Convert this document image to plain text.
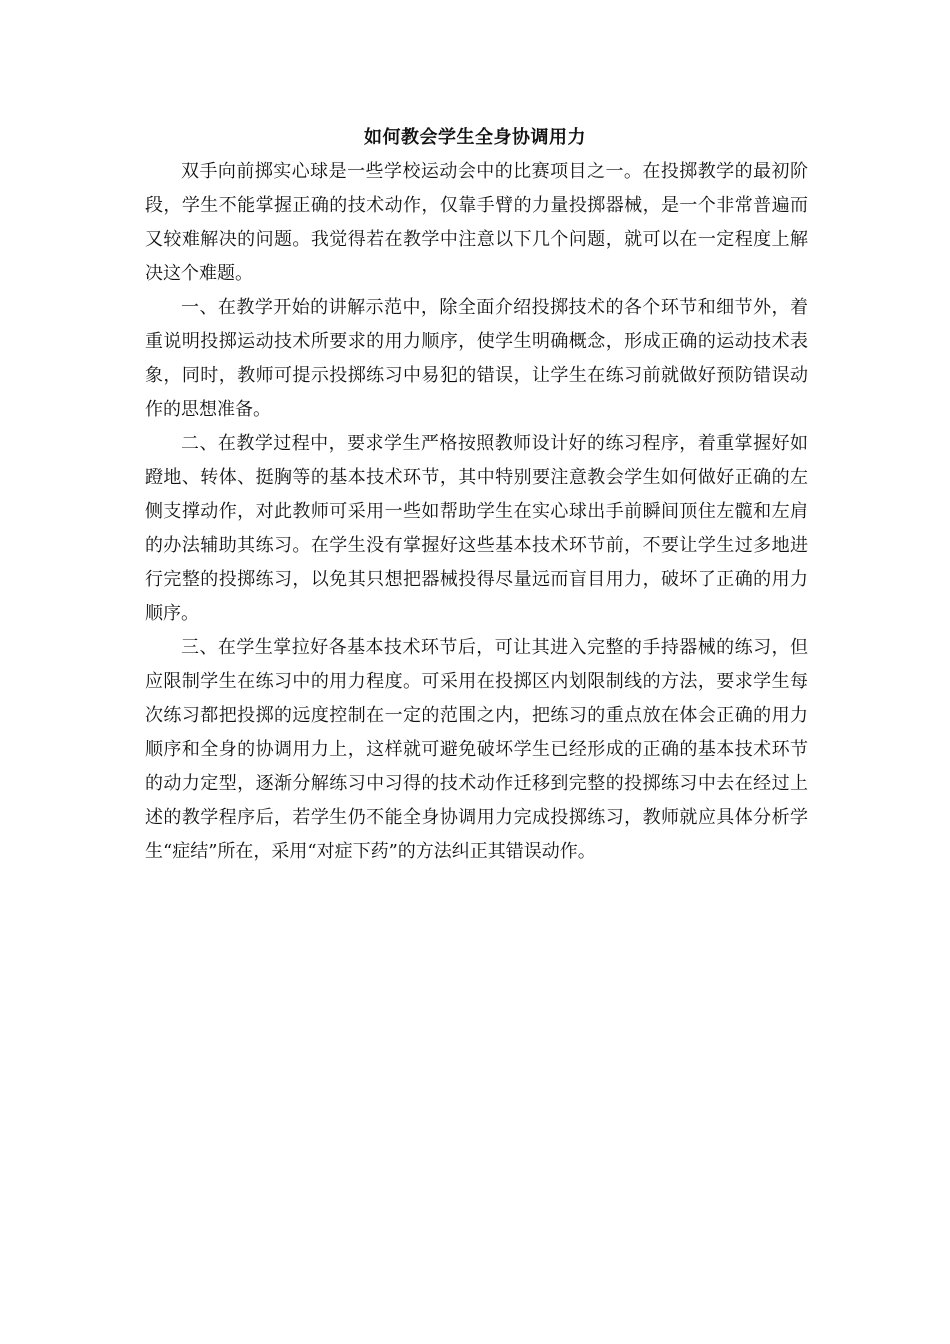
如何教会学生全身协调用力

双手向前掷实心球是一些学校运动会中的比赛项目之一。在投掷教学的最初阶段，学生不能掌握正确的技术动作，仅靠手臂的力量投掷器械，是一个非常普遍而又较难解决的问题。我觉得若在教学中注意以下几个问题，就可以在一定程度上解决这个难题。

一、在教学开始的讲解示范中，除全面介绍投掷技术的各个环节和细节外，着重说明投掷运动技术所要求的用力顺序，使学生明确概念，形成正确的运动技术表象，同时，教师可提示投掷练习中易犯的错误，让学生在练习前就做好预防错误动作的思想准备。

二、在教学过程中，要求学生严格按照教师设计好的练习程序，着重掌握好如蹬地、转体、挺胸等的基本技术环节，其中特别要注意教会学生如何做好正确的左侧支撑动作，对此教师可采用一些如帮助学生在实心球出手前瞬间顶住左髋和左肩的办法辅助其练习。在学生没有掌握好这些基本技术环节前，不要让学生过多地进行完整的投掷练习，以免其只想把器械投得尽量远而盲目用力，破坏了正确的用力顺序。

三、在学生掌拉好各基本技术环节后，可让其进入完整的手持器械的练习，但应限制学生在练习中的用力程度。可采用在投掷区内划限制线的方法，要求学生每次练习都把投掷的远度控制在一定的范围之内，把练习的重点放在体会正确的用力顺序和全身的协调用力上，这样就可避免破坏学生已经形成的正确的基本技术环节的动力定型，逐渐分解练习中习得的技术动作迁移到完整的投掷练习中去在经过上述的教学程序后，若学生仍不能全身协调用力完成投掷练习，教师就应具体分析学生“症结”所在，采用“对症下药”的方法纠正其错误动作。
